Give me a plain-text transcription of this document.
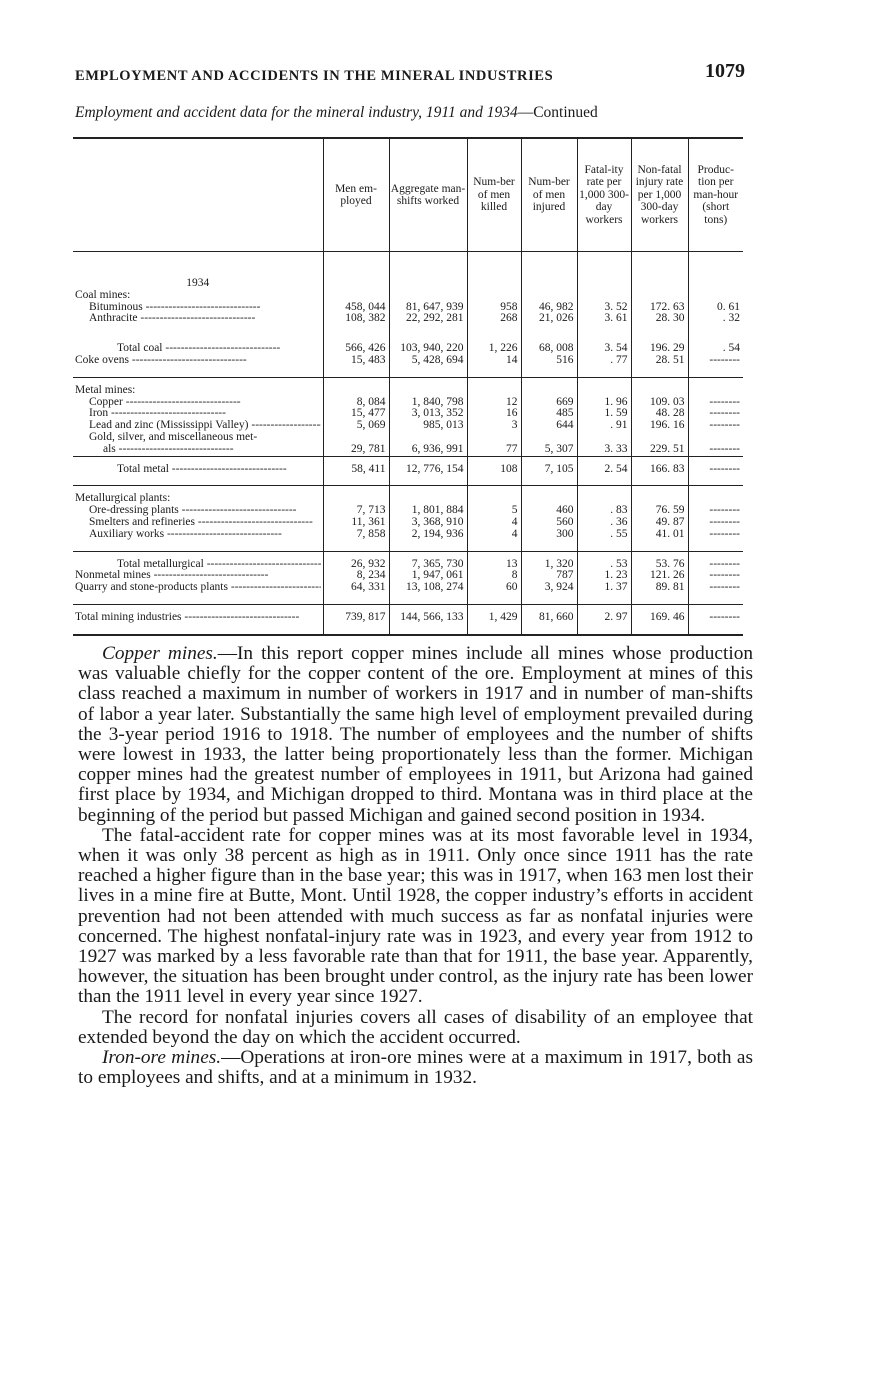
EMPLOYMENT AND ACCIDENTS IN THE MINERAL INDUSTRIES	1079
Employment and accident data for the mineral industry, 1911 and 1934—Continued
	Men em-ployed	Aggregate man-shifts worked	Num-ber of men killed	Num-ber of men injured	Fatal-ity rate per 1,000 300-day workers	Non-fatal injury rate per 1,000 300-day workers	Produc-tion per man-hour (short tons)

1934
Coal mines:
Bituminous -----	458, 044	81, 647, 939	958	46, 982	3. 52	172. 63	0. 61

Anthracite -----	108, 382	22, 292, 281	268	21, 026	3. 61	28. 30	. 32

Total coal -----	566, 426	103, 940, 220	1, 226	68, 008	3. 54	196. 29	. 54

Coke ovens -----	15, 483	5, 428, 694	14	516	. 77	28. 51	--------

Metal mines:
Copper -----	8, 084	1, 840, 798	12	669	1. 96	109. 03	--------

Iron -----	15, 477	3, 013, 352	16	485	1. 59	48. 28	--------

Lead and zinc (Mississippi Valley) -----	5, 069	985, 013	3	644	. 91	196. 16	--------

Gold, silver, and miscellaneous met-
als -----	29, 781	6, 936, 991	77	5, 307	3. 33	229. 51	--------

Total metal -----	58, 411	12, 776, 154	108	7, 105	2. 54	166. 83	--------

Metallurgical plants:
Ore-dressing plants -----	7, 713	1, 801, 884	5	460	. 83	76. 59	--------

Smelters and refineries -----	11, 361	3, 368, 910	4	560	. 36	49. 87	--------

Auxiliary works -----	7, 858	2, 194, 936	4	300	. 55	41. 01	--------

Total metallurgical -----	26, 932	7, 365, 730	13	1, 320	. 53	53. 76	--------

Nonmetal mines -----	8, 234	1, 947, 061	8	787	1. 23	121. 26	--------

Quarry and stone-products plants -----	64, 331	13, 108, 274	60	3, 924	1. 37	89. 81	--------

Total mining industries -----	739, 817	144, 566, 133	1, 429	81, 660	2. 97	169. 46	--------

Copper mines.—In this report copper mines include all mines whose production was valuable chiefly for the copper content of the ore. Employment at mines of this class reached a maximum in number of workers in 1917 and in number of man-shifts of labor a year later. Substantially the same high level of employment prevailed during the 3-year period 1916 to 1918. The number of employees and the number of shifts were lowest in 1933, the latter being proportionately less than the former. Michigan copper mines had the greatest number of employees in 1911, but Arizona had gained first place by 1934, and Michigan dropped to third. Montana was in third place at the beginning of the period but passed Michigan and gained second position in 1934.

The fatal-accident rate for copper mines was at its most favorable level in 1934, when it was only 38 percent as high as in 1911. Only once since 1911 has the rate reached a higher figure than in the base year; this was in 1917, when 163 men lost their lives in a mine fire at Butte, Mont. Until 1928, the copper industry’s efforts in accident prevention had not been attended with much success as far as nonfatal injuries were concerned. The highest nonfatal-injury rate was in 1923, and every year from 1912 to 1927 was marked by a less favorable rate than that for 1911, the base year. Apparently, however, the situation has been brought under control, as the injury rate has been lower than the 1911 level in every year since 1927.

The record for nonfatal injuries covers all cases of disability of an employee that extended beyond the day on which the accident occurred.

Iron-ore mines.—Operations at iron-ore mines were at a maximum in 1917, both as to employees and shifts, and at a minimum in 1932.
